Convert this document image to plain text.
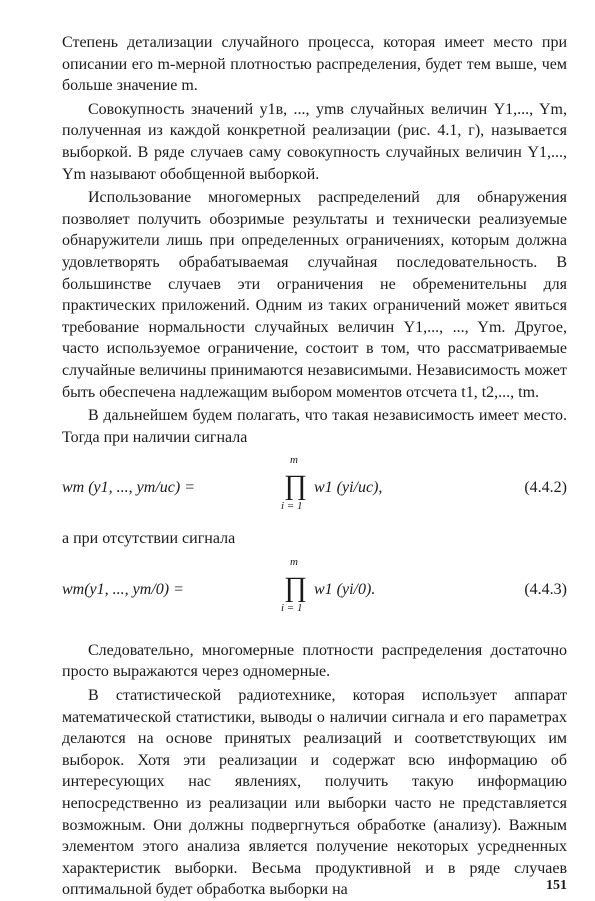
Степень детализации случайного процесса, которая имеет место при описании его m-мерной плотностью распределения, будет тем выше, чем больше значение m.

Совокупность значений y1в, ..., ymв случайных величин Y1,..., Ym, полученная из каждой конкретной реализации (рис. 4.1, г), называется выборкой. В ряде случаев саму совокупность случайных величин Y1,..., Ym называют обобщенной выборкой.

Использование многомерных распределений для обнаружения позволяет получить обозримые результаты и технически реализуемые обнаружители лишь при определенных ограничениях, которым должна удовлетворять обрабатываемая случайная последовательность. В большинстве случаев эти ограничения не обременительны для практических приложений. Одним из таких ограничений может явиться требование нормальности случайных величин Y1,..., ..., Ym. Другое, часто используемое ограничение, состоит в том, что рассматриваемые случайные величины принимаются независимыми. Независимость может быть обеспечена надлежащим выбором моментов отсчета t1, t2,..., tm.

В дальнейшем будем полагать, что такая независимость имеет место. Тогда при наличии сигнала

wm (y1, ..., ym/uс) =
m
∏
i = 1
w1 (yi/uс),	(4.4.2)

а при отсутствии сигнала

wm(y1, ..., ym/0) =
m
∏
i = 1
w1 (yi/0).	(4.4.3)

Следовательно, многомерные плотности распределения достаточно просто выражаются через одномерные.

В статистической радиотехнике, которая использует аппарат математической статистики, выводы о наличии сигнала и его параметрах делаются на основе принятых реализаций и соответствующих им выборок. Хотя эти реализации и содержат всю информацию об интересующих нас явлениях, получить такую информацию непосредственно из реализации или выборки часто не представляется возможным. Они должны подвергнуться обработке (анализу). Важным элементом этого анализа является получение некоторых усредненных характеристик выборки. Весьма продуктивной и в ряде случаев оптимальной будет обработка выборки на	151
